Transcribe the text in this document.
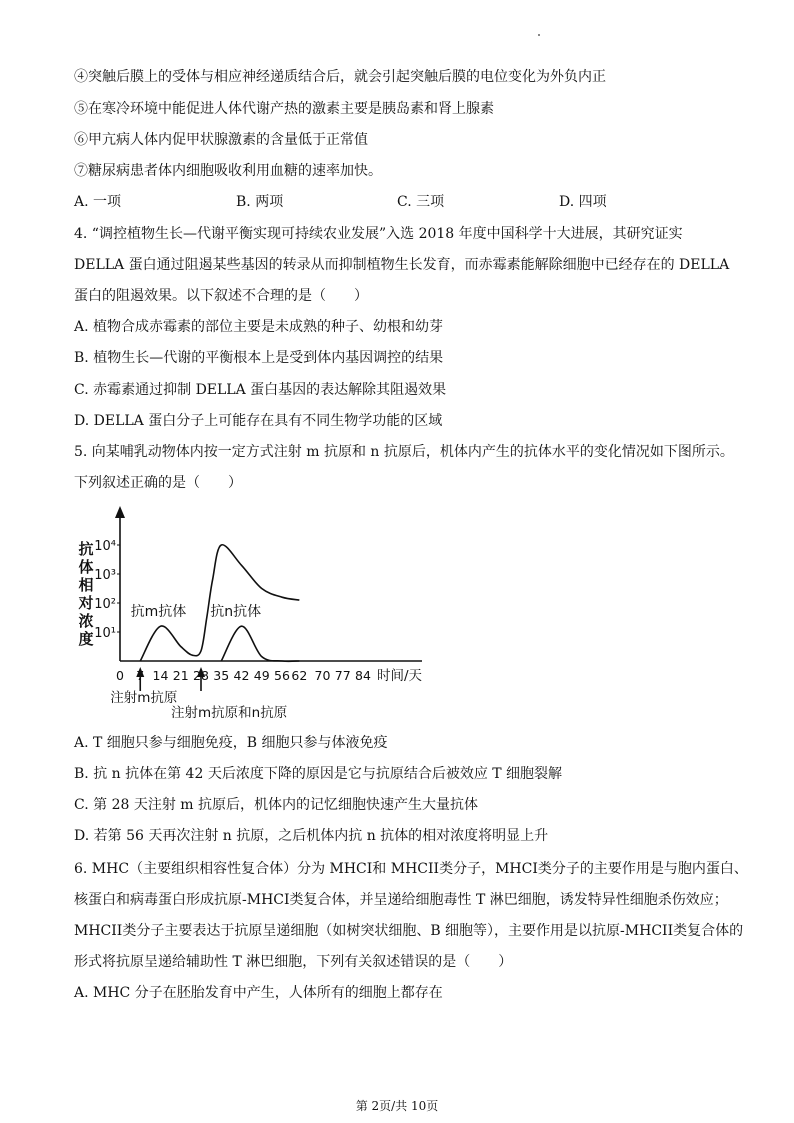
④突触后膜上的受体与相应神经递质结合后，就会引起突触后膜的电位变化为外负内正
⑤在寒冷环境中能促进人体代谢产热的激素主要是胰岛素和肾上腺素
⑥甲亢病人体内促甲状腺激素的含量低于正常值
⑦糖尿病患者体内细胞吸收利用血糖的速率加快。
A. 一项	B. 两项	C. 三项	D. 四项
4. “调控植物生长—代谢平衡实现可持续农业发展”入选 2018 年度中国科学十大进展，其研究证实
DELLA 蛋白通过阻遏某些基因的转录从而抑制植物生长发育，而赤霉素能解除细胞中已经存在的 DELLA
蛋白的阻遏效果。以下叙述不合理的是（　　）
A. 植物合成赤霉素的部位主要是未成熟的种子、幼根和幼芽
B. 植物生长—代谢的平衡根本上是受到体内基因调控的结果
C. 赤霉素通过抑制 DELLA 蛋白基因的表达解除其阻遏效果
D. DELLA 蛋白分子上可能存在具有不同生物学功能的区域
5. 向某哺乳动物体内按一定方式注射 m 抗原和 n 抗原后，机体内产生的抗体水平的变化情况如下图所示。
下列叙述正确的是（　　）
10¹
10²
10³
10⁴
0 7 14 21 28 35 42 49 56 62 70 77 84 时间/天
抗体相对浓度
抗m抗体 抗n抗体
注射m抗原
注射m抗原和n抗原
A. T 细胞只参与细胞免疫，B 细胞只参与体液免疫
B. 抗 n 抗体在第 42 天后浓度下降的原因是它与抗原结合后被效应 T 细胞裂解
C. 第 28 天注射 m 抗原后，机体内的记忆细胞快速产生大量抗体
D. 若第 56 天再次注射 n 抗原，之后机体内抗 n 抗体的相对浓度将明显上升
6. MHC（主要组织相容性复合体）分为 MHCI和 MHCII类分子，MHCI类分子的主要作用是与胞内蛋白、
核蛋白和病毒蛋白形成抗原-MHCI类复合体，并呈递给细胞毒性 T 淋巴细胞，诱发特异性细胞杀伤效应；
MHCII类分子主要表达于抗原呈递细胞（如树突状细胞、B 细胞等），主要作用是以抗原-MHCII类复合体的
形式将抗原呈递给辅助性 T 淋巴细胞，下列有关叙述错误的是（　　）
A. MHC 分子在胚胎发育中产生，人体所有的细胞上都存在
第 2页/共 10页
